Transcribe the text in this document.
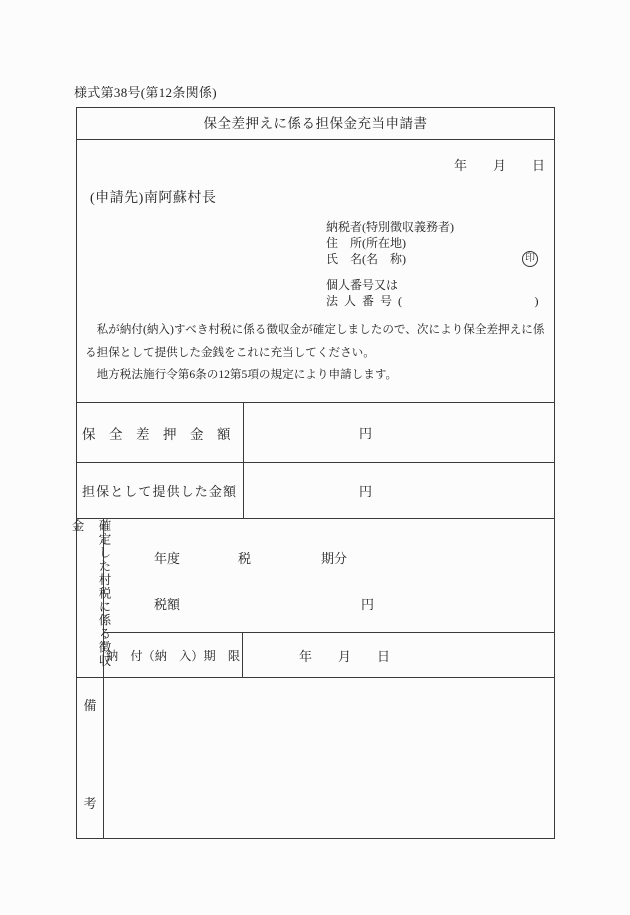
様式第38号(第12条関係)
保全差押えに係る担保金充当申請書
年　　月　　日
(申請先)南阿蘇村長
納税者(特別徴収義務者)
住　所(所在地)
氏　名(名　称)	印
個人番号又は
法 人 番 号 (	)

私が納付(納入)すべき村税に係る徴収金が確定しましたので、次により保全差押えに係る担保として提供した金銭をこれに充当してください。

地方税法施行令第6条の12第5項の規定により申請します。

保　全　差　押　金　額	円
担保として提供した金額	円
確定した村税に係る徴収金
年度	税	期分
税額	円
納　付（納　入）期　限	年　　月　　日
備
考
